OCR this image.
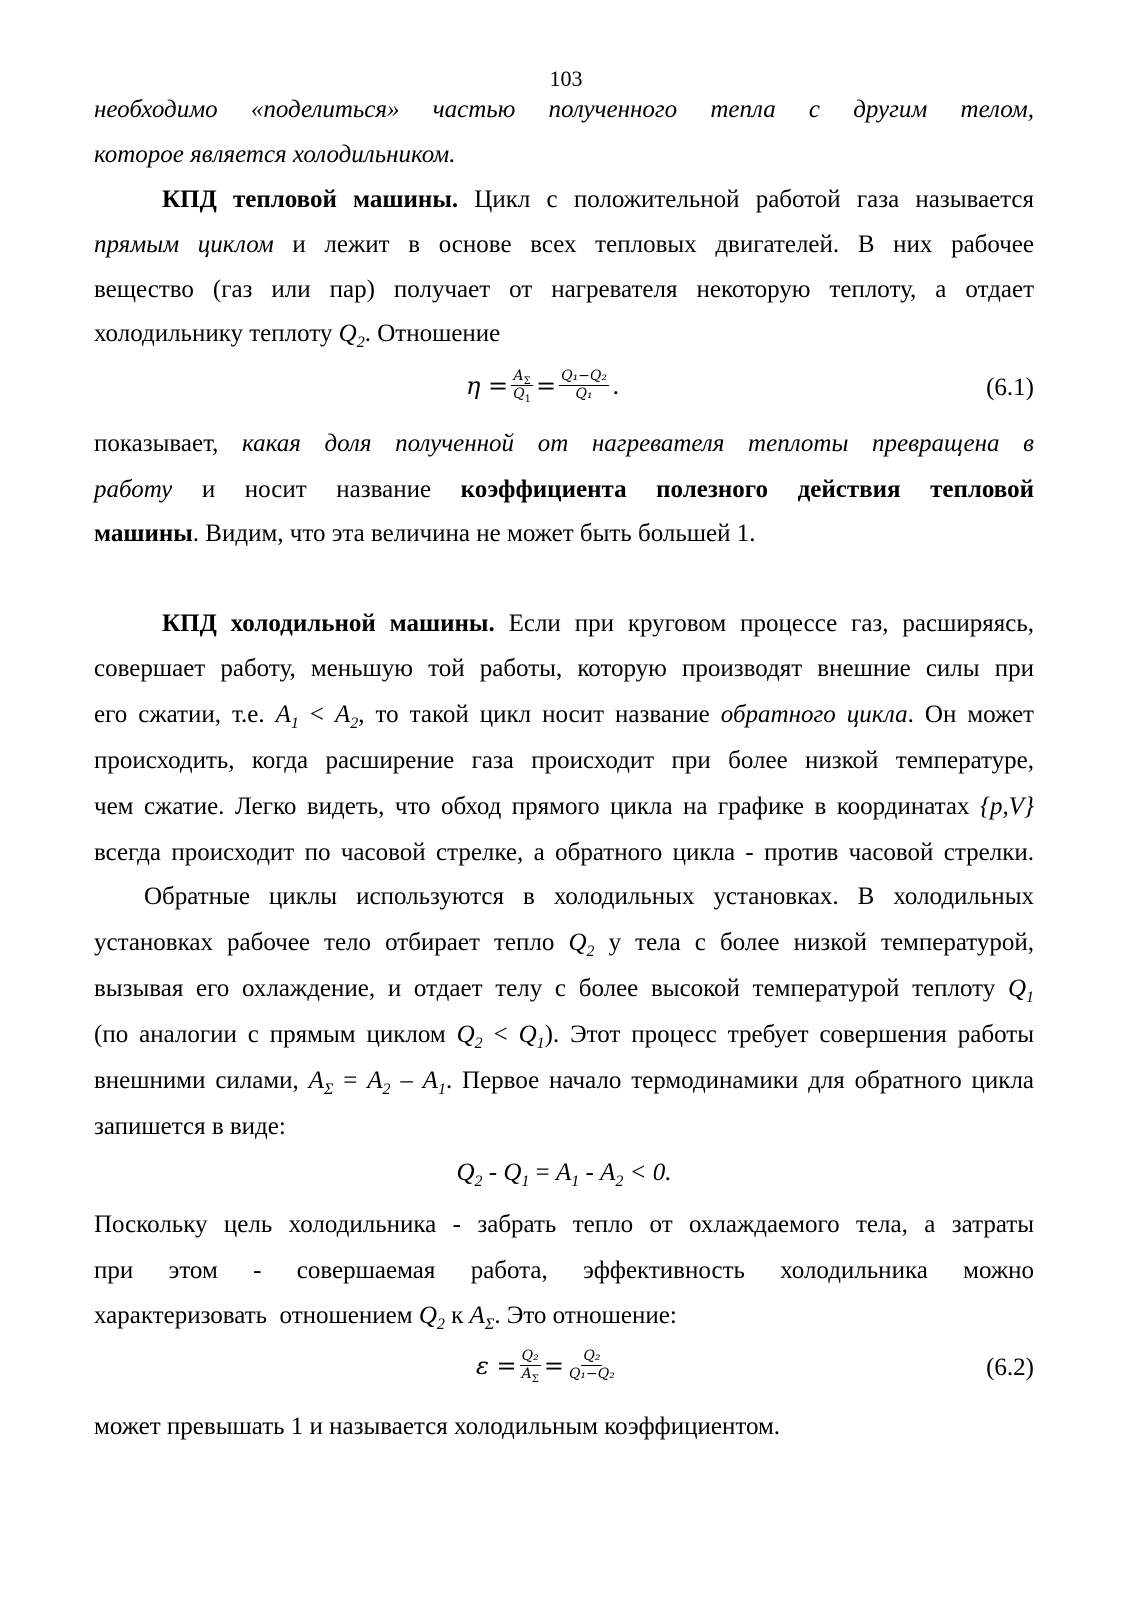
103
необходимо «поделиться» частью полученного тепла с другим телом,
которое является холодильником.
КПД тепловой машины. Цикл с положительной работой газа называется
прямым циклом и лежит в основе всех тепловых двигателей. В них рабочее
вещество (газ или пар) получает от нагревателя некоторую теплоту, а отдает
холодильнику теплоту $Q_2$. Отношение
$\eta = \frac{A_\Sigma}{Q_1} = \frac{\text{Q₁−Q₂}}{\text{Q₁}}$ .	(6.1)
показывает, какая доля полученной от нагревателя теплоты превращена в
работу и носит название коэффициента полезного действия тепловой
машины. Видим, что эта величина не может быть большей 1.
КПД холодильной машины. Если при круговом процессе газ, расширяясь,
совершает работу, меньшую той работы, которую производят внешние силы при
его сжатии, т.е. $A_1 < A_2$, то такой цикл носит название обратного цикла. Он может
происходить, когда расширение газа происходит при более низкой температуре,
чем сжатие. Легко видеть, что обход прямого цикла на графике в координатах {p,V}
всегда происходит по часовой стрелке, а обратного цикла - против часовой стрелки.
Обратные циклы используются в холодильных установках. В холодильных
установках рабочее тело отбирает тепло $Q_2$ у тела с более низкой температурой,
вызывая его охлаждение, и отдает телу с более высокой температурой теплоту $Q_1$
(по аналогии с прямым циклом $Q_2 < Q_1$). Этот процесс требует совершения работы
внешними силами, $A_\Sigma = A_2 - A_1$. Первое начало термодинамики для обратного цикла
запишется в виде:
$Q_2 - Q_1 = A_1 - A_2 < 0$.
Поскольку цель холодильника - забрать тепло от охлаждаемого тела, а затраты
при этом - совершаемая работа, эффективность холодильника можно
характеризовать  отношением $Q_2$ к $A_\Sigma$. Это отношение:
$\varepsilon = \frac{\text{Q₂}}{A_\Sigma} = \frac{\text{Q₂}}{\text{Q₁−Q₂}}$	(6.2)
может превышать 1 и называется холодильным коэффициентом.
